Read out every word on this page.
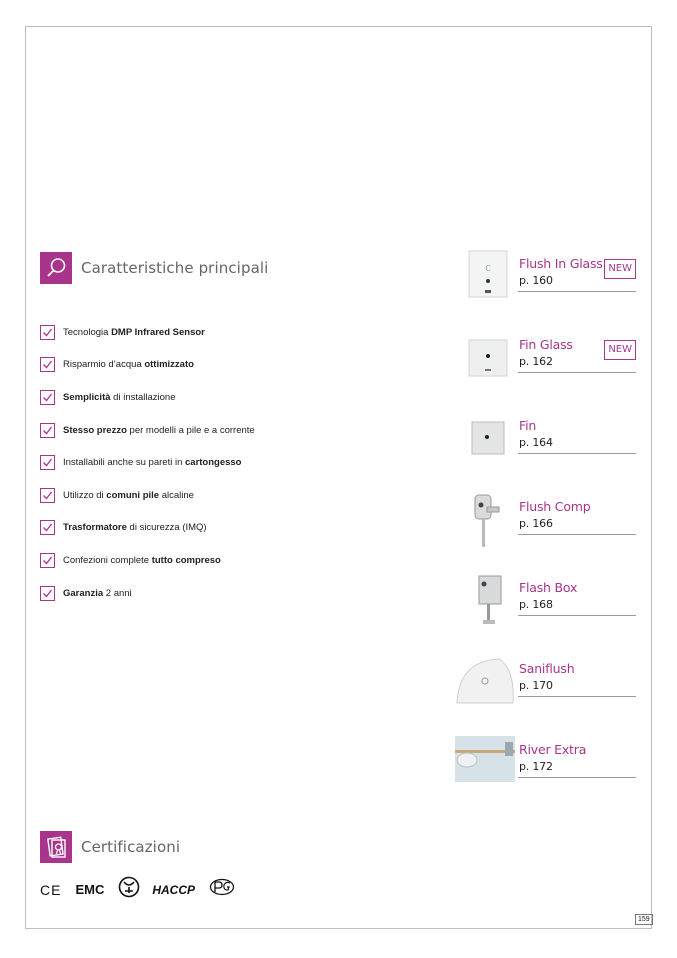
Caratteristiche principali
Tecnologia DMP Infrared Sensor
Risparmio d’acqua ottimizzato
Semplicità di installazione
Stesso prezzo per modelli a pile e a corrente
Installabili anche su pareti in cartongesso
Utilizzo di comuni pile alcaline
Trasformatore di sicurezza (IMQ)
Confezioni complete tutto compreso
Garanzia 2 anni
C Flush In Glass
p. 160
NEW
Fin Glass
p. 162
NEW
Fin
p. 164
Flush Comp
p. 166
Flash Box
p. 168
Saniflush
p. 170
River Extra
p. 172
Certificazioni
CE EMC	HACCP
159
